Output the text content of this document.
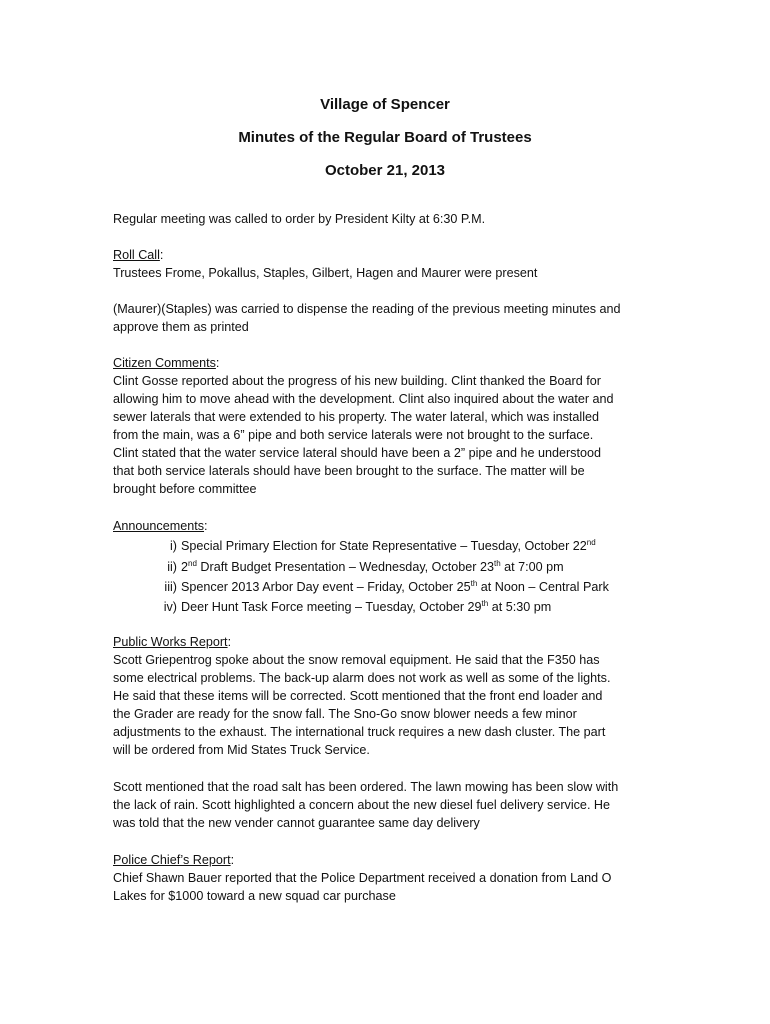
Village of Spencer
Minutes of the Regular Board of Trustees
October 21, 2013
Regular meeting was called to order by President Kilty at 6:30 P.M.
Roll Call:
Trustees Frome, Pokallus, Staples, Gilbert, Hagen and Maurer were present
(Maurer)(Staples) was carried to dispense the reading of the previous meeting minutes and
approve them as printed
Citizen Comments:
Clint Gosse reported about the progress of his new building. Clint thanked the Board for
allowing him to move ahead with the development. Clint also inquired about the water and
sewer laterals that were extended to his property. The water lateral, which was installed
from the main, was a 6” pipe and both service laterals were not brought to the surface.
Clint stated that the water service lateral should have been a 2” pipe and he understood
that both service laterals should have been brought to the surface. The matter will be
brought before committee
Announcements:
i) Special Primary Election for State Representative – Tuesday, October 22nd
ii) 2nd Draft Budget Presentation – Wednesday, October 23th at 7:00 pm
iii) Spencer 2013 Arbor Day event – Friday, October 25th at Noon – Central Park
iv) Deer Hunt Task Force meeting – Tuesday, October 29th at 5:30 pm
Public Works Report:
Scott Griepentrog spoke about the snow removal equipment. He said that the F350 has
some electrical problems. The back-up alarm does not work as well as some of the lights.
He said that these items will be corrected. Scott mentioned that the front end loader and
the Grader are ready for the snow fall. The Sno-Go snow blower needs a few minor
adjustments to the exhaust. The international truck requires a new dash cluster. The part
will be ordered from Mid States Truck Service.
Scott mentioned that the road salt has been ordered. The lawn mowing has been slow with
the lack of rain. Scott highlighted a concern about the new diesel fuel delivery service. He
was told that the new vender cannot guarantee same day delivery
Police Chief’s Report:
Chief Shawn Bauer reported that the Police Department received a donation from Land O
Lakes for $1000 toward a new squad car purchase
